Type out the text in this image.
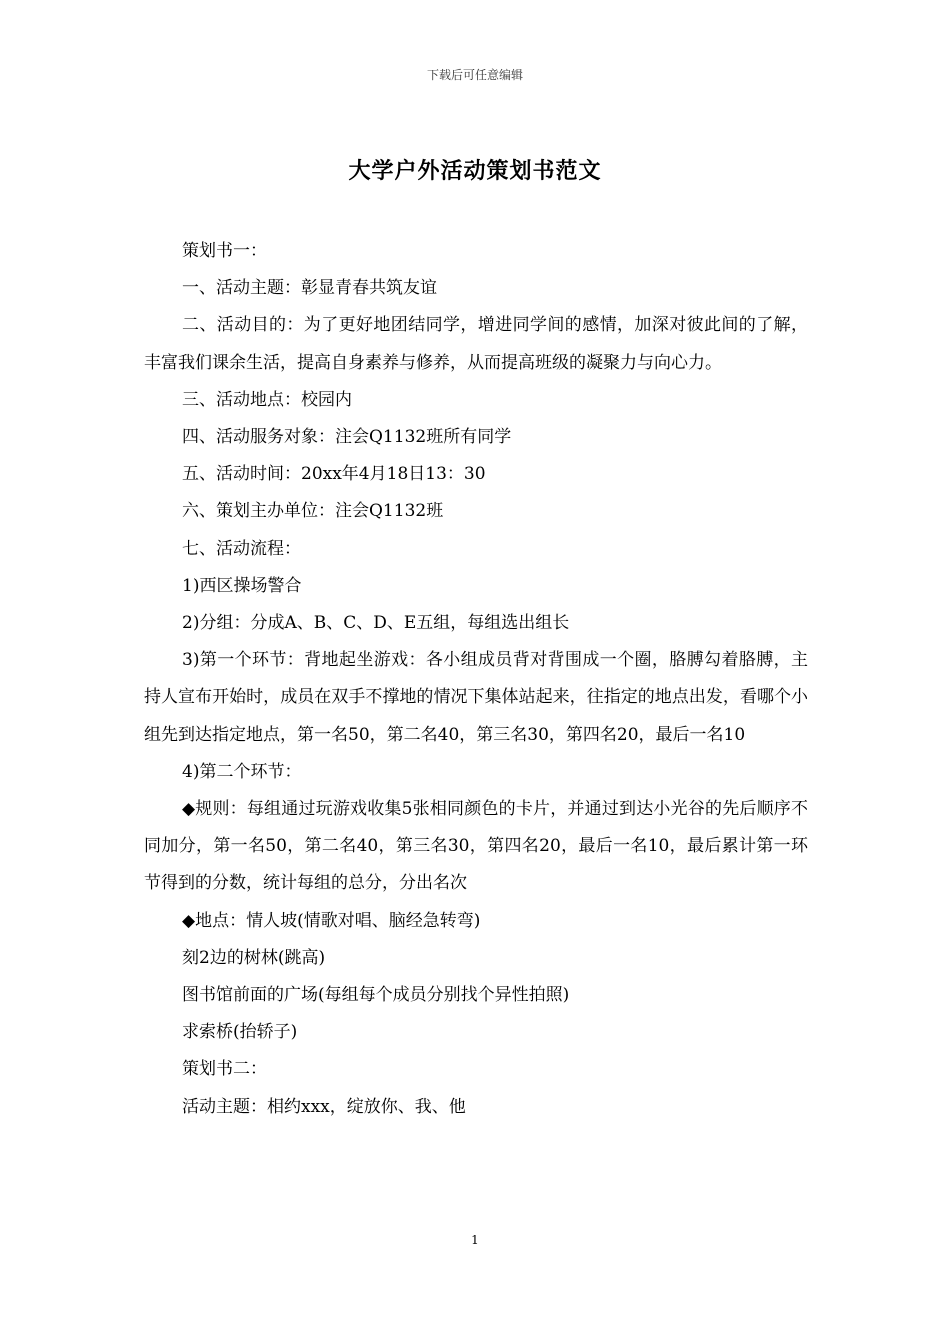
下载后可任意编辑
大学户外活动策划书范文

策划书一：

一、活动主题：彰显青春共筑友谊

二、活动目的：为了更好地团结同学，增进同学间的感情，加深对彼此间的了解，丰富我们课余生活，提高自身素养与修养，从而提高班级的凝聚力与向心力。

三、活动地点：校园内

四、活动服务对象：注会Q1132班所有同学

五、活动时间：20xx年4月18日13：30

六、策划主办单位：注会Q1132班

七、活动流程：

1)西区操场警合

2)分组：分成A、B、C、D、E五组，每组选出组长

3)第一个环节：背地起坐游戏：各小组成员背对背围成一个圈，胳膊勾着胳膊，主持人宣布开始时，成员在双手不撑地的情况下集体站起来，往指定的地点出发，看哪个小组先到达指定地点，第一名50，第二名40，第三名30，第四名20，最后一名10

4)第二个环节：

◆规则：每组通过玩游戏收集5张相同颜色的卡片，并通过到达小光谷的先后顺序不同加分，第一名50，第二名40，第三名30，第四名20，最后一名10，最后累计第一环节得到的分数，统计每组的总分，分出名次

◆地点：情人坡(情歌对唱、脑经急转弯)

刻2边的树林(跳高)

图书馆前面的广场(每组每个成员分别找个异性拍照)

求索桥(抬轿子)

策划书二：

活动主题：相约xxx，绽放你、我、他

1
